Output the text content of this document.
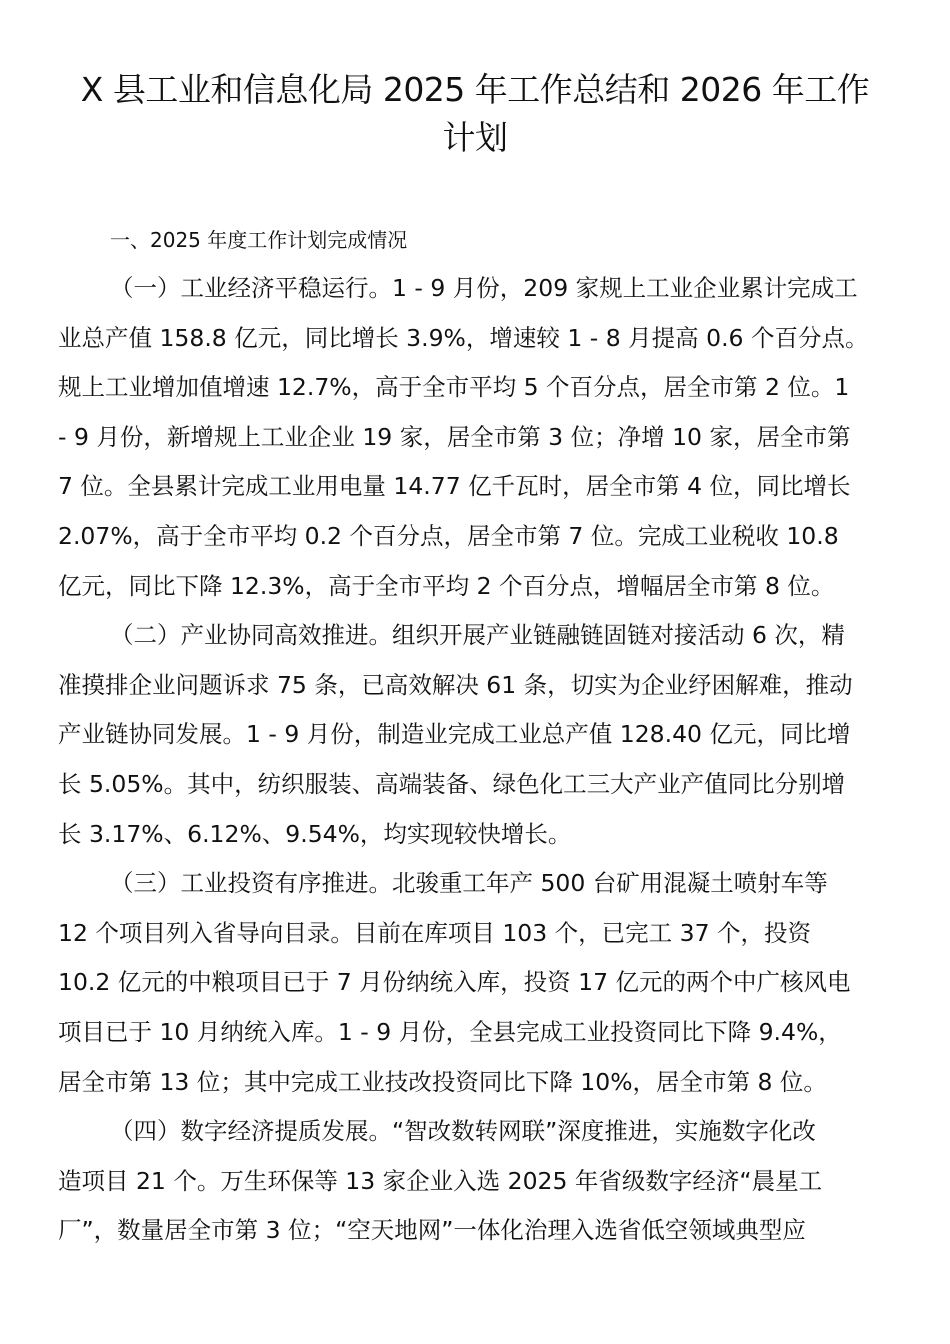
X 县工业和信息化局 2025 年工作总结和 2026 年工作
计划
一、2025 年度工作计划完成情况
（一）工业经济平稳运行。1 - 9 月份，209 家规上工业企业累计完成工
业总产值 158.8 亿元，同比增长 3.9%，增速较 1 - 8 月提高 0.6 个百分点。
规上工业增加值增速 12.7%，高于全市平均 5 个百分点，居全市第 2 位。1
- 9 月份，新增规上工业企业 19 家，居全市第 3 位；净增 10 家，居全市第
7 位。全县累计完成工业用电量 14.77 亿千瓦时，居全市第 4 位，同比增长
2.07%，高于全市平均 0.2 个百分点，居全市第 7 位。完成工业税收 10.8
亿元，同比下降 12.3%，高于全市平均 2 个百分点，增幅居全市第 8 位。
（二）产业协同高效推进。组织开展产业链融链固链对接活动 6 次，精
准摸排企业问题诉求 75 条，已高效解决 61 条，切实为企业纾困解难，推动
产业链协同发展。1 - 9 月份，制造业完成工业总产值 128.40 亿元，同比增
长 5.05%。其中，纺织服装、高端装备、绿色化工三大产业产值同比分别增
长 3.17%、6.12%、9.54%，均实现较快增长。
（三）工业投资有序推进。北骏重工年产 500 台矿用混凝土喷射车等
12 个项目列入省导向目录。目前在库项目 103 个，已完工 37 个，投资
10.2 亿元的中粮项目已于 7 月份纳统入库，投资 17 亿元的两个中广核风电
项目已于 10 月纳统入库。1 - 9 月份，全县完成工业投资同比下降 9.4%，
居全市第 13 位；其中完成工业技改投资同比下降 10%，居全市第 8 位。
（四）数字经济提质发展。“智改数转网联”深度推进，实施数字化改
造项目 21 个。万生环保等 13 家企业入选 2025 年省级数字经济“晨星工
厂”，数量居全市第 3 位；“空天地网”一体化治理入选省低空领域典型应
